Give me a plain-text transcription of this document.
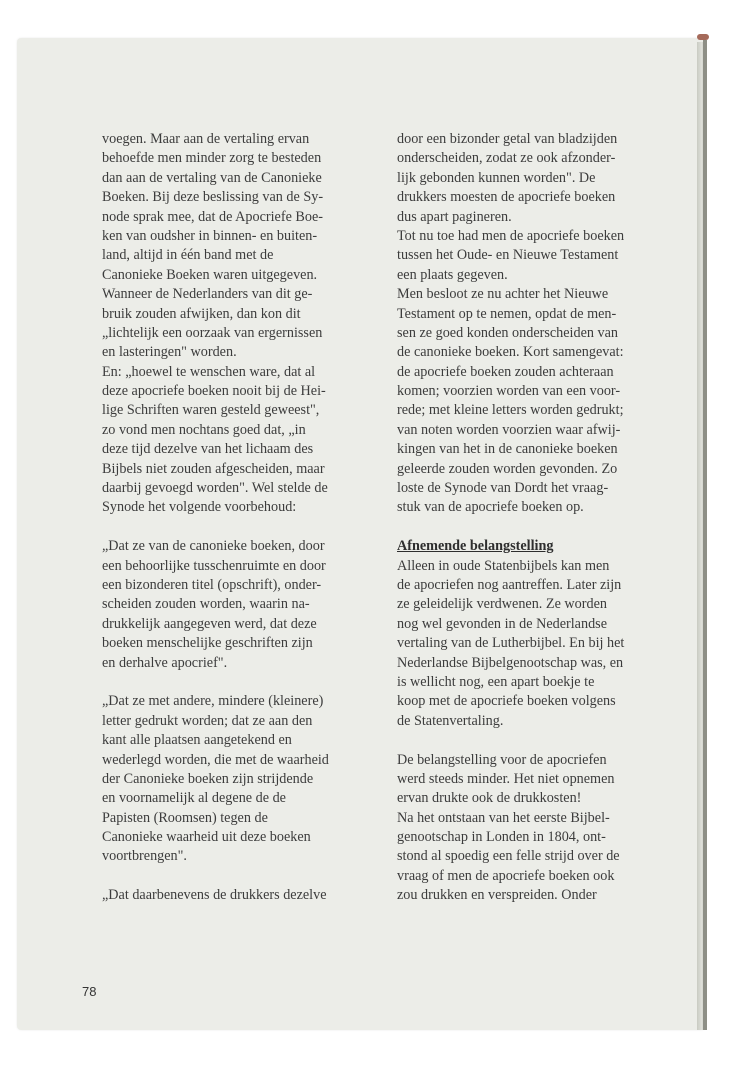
voegen. Maar aan de vertaling ervan
behoefde men minder zorg te besteden
dan aan de vertaling van de Canonieke
Boeken. Bij deze beslissing van de Sy-
node sprak mee, dat de Apocriefe Boe-
ken van oudsher in binnen- en buiten-
land, altijd in één band met de
Canonieke Boeken waren uitgegeven.
Wanneer de Nederlanders van dit ge-
bruik zouden afwijken, dan kon dit
„lichtelijk een oorzaak van ergernissen
en lasteringen" worden.
En: „hoewel te wenschen ware, dat al
deze apocriefe boeken nooit bij de Hei-
lige Schriften waren gesteld geweest",
zo vond men nochtans goed dat, „in
deze tijd dezelve van het lichaam des
Bijbels niet zouden afgescheiden, maar
daarbij gevoegd worden". Wel stelde de
Synode het volgende voorbehoud:
„Dat ze van de canonieke boeken, door
een behoorlijke tusschenruimte en door
een bizonderen titel (opschrift), onder-
scheiden zouden worden, waarin na-
drukkelijk aangegeven werd, dat deze
boeken menschelijke geschriften zijn
en derhalve apocrief".
„Dat ze met andere, mindere (kleinere)
letter gedrukt worden; dat ze aan den
kant alle plaatsen aangetekend en
wederlegd worden, die met de waarheid
der Canonieke boeken zijn strijdende
en voornamelijk al degene de de
Papisten (Roomsen) tegen de
Canonieke waarheid uit deze boeken
voortbrengen".
„Dat daarbenevens de drukkers dezelve
door een bizonder getal van bladzijden
onderscheiden, zodat ze ook afzonder-
lijk gebonden kunnen worden". De
drukkers moesten de apocriefe boeken
dus apart pagineren.
Tot nu toe had men de apocriefe boeken
tussen het Oude- en Nieuwe Testament
een plaats gegeven.
Men besloot ze nu achter het Nieuwe
Testament op te nemen, opdat de men-
sen ze goed konden onderscheiden van
de canonieke boeken. Kort samengevat:
de apocriefe boeken zouden achteraan
komen; voorzien worden van een voor-
rede; met kleine letters worden gedrukt;
van noten worden voorzien waar afwij-
kingen van het in de canonieke boeken
geleerde zouden worden gevonden. Zo
loste de Synode van Dordt het vraag-
stuk van de apocriefe boeken op.
Afnemende belangstelling
Alleen in oude Statenbijbels kan men
de apocriefen nog aantreffen. Later zijn
ze geleidelijk verdwenen. Ze worden
nog wel gevonden in de Nederlandse
vertaling van de Lutherbijbel. En bij het
Nederlandse Bijbelgenootschap was, en
is wellicht nog, een apart boekje te
koop met de apocriefe boeken volgens
de Statenvertaling.
De belangstelling voor de apocriefen
werd steeds minder. Het niet opnemen
ervan drukte ook de drukkosten!
Na het ontstaan van het eerste Bijbel-
genootschap in Londen in 1804, ont-
stond al spoedig een felle strijd over de
vraag of men de apocriefe boeken ook
zou drukken en verspreiden. Onder
78
